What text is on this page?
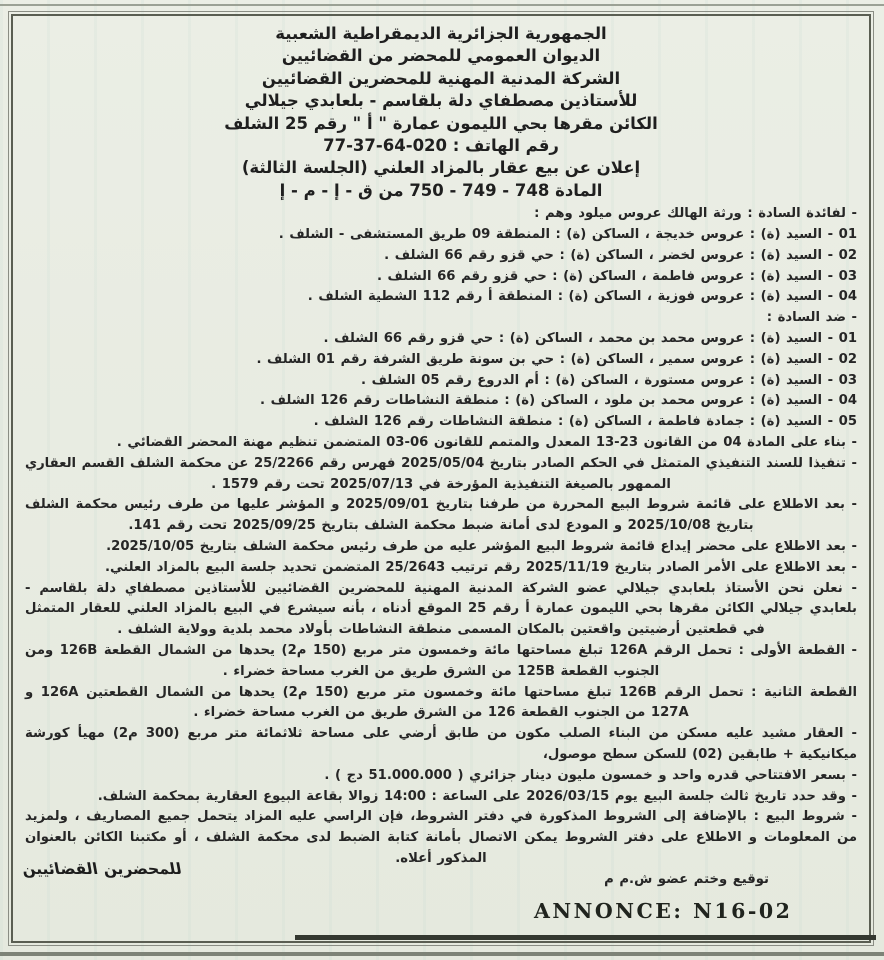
الجمهورية الجزائرية الديمقراطية الشعبية
الديوان العمومي للمحضر من القضائيين
الشركة المدنية المهنية للمحضرين القضائيين
للأستاذين مصطفاي دلة بلقاسم - بلعابدي جيلالي
الكائن مقرها بحي الليمون عمارة " أ " رقم 25 الشلف
رقم الهاتف : 020-64-37-77
إعلان عن بيع عقار بالمزاد العلني (الجلسة الثالثة)
المادة 748 - 749 - 750 من ق - إ - م - إ

- لفائدة السادة : ورثة الهالك عروس ميلود وهم :

01 - السيد (ة) : عروس خديجة ، الساكن (ة) : المنطقة 09 طريق المستشفى - الشلف .

02 - السيد (ة) : عروس لخضر ، الساكن (ة) : حي قزو رقم 66 الشلف .

03 - السيد (ة) : عروس فاطمة ، الساكن (ة) : حي قزو رقم 66 الشلف .

04 - السيد (ة) : عروس فوزية ، الساكن (ة) : المنطقة أ رقم 112 الشطية الشلف .

- ضد السادة :

01 - السيد (ة) : عروس محمد بن محمد ، الساكن (ة) : حي قزو رقم 66 الشلف .

02 - السيد (ة) : عروس سمير ، الساكن (ة) : حي بن سونة طريق الشرفة رقم 01 الشلف .

03 - السيد (ة) : عروس مستورة ، الساكن (ة) : أم الدروع رقم 05 الشلف .

04 - السيد (ة) : عروس محمد بن ملود ، الساكن (ة) : منطقة النشاطات رقم 126 الشلف .

05 - السيد (ة) : جمادة فاطمة ، الساكن (ة) : منطقة النشاطات رقم 126 الشلف .

- بناء على المادة 04 من القانون 23-13 المعدل والمتمم للقانون 06-03 المتضمن تنظيم مهنة المحضر القضائي .

- تنفيذا للسند التنفيذي المتمثل في الحكم الصادر بتاريخ 2025/05/04 فهرس رقم 25/2266 عن محكمة الشلف القسم العقاري الممهور بالصيغة التنفيذية المؤرخة في 2025/07/13 تحت رقم 1579 .

- بعد الاطلاع على قائمة شروط البيع المحررة من طرفنا بتاريخ 2025/09/01 و المؤشر عليها من طرف رئيس محكمة الشلف بتاريخ 2025/10/08 و المودع لدى أمانة ضبط محكمة الشلف بتاريخ 2025/09/25 تحت رقم 141.

- بعد الاطلاع على محضر إيداع قائمة شروط البيع المؤشر عليه من طرف رئيس محكمة الشلف بتاريخ 2025/10/05.

- بعد الاطلاع على الأمر الصادر بتاريخ 2025/11/19 رقم ترتيب 25/2643 المتضمن تحديد جلسة البيع بالمزاد العلني.

- نعلن نحن الأستاذ بلعابدي جيلالي عضو الشركة المدنية المهنية للمحضرين القضائيين للأستاذين مصطفاي دلة بلقاسم - بلعابدي جيلالي الكائن مقرها بحي الليمون عمارة أ رقم 25 الموقع أدناه ، بأنه سيشرع في البيع بالمزاد العلني للعقار المتمثل في قطعتين أرضيتين واقعتين بالمكان المسمى منطقة النشاطات بأولاد محمد بلدية وولاية الشلف .

- القطعة الأولى : تحمل الرقم 126A تبلغ مساحتها مائة وخمسون متر مربع (150 م2) يحدها من الشمال القطعة 126B ومن الجنوب القطعة 125B من الشرق طريق من الغرب مساحة خضراء .

القطعة الثانية : تحمل الرقم 126B تبلغ مساحتها مائة وخمسون متر مربع (150 م2) يحدها من الشمال القطعتين 126A و 127A من الجنوب القطعة 126 من الشرق طريق من الغرب مساحة خضراء .

- العقار مشيد عليه مسكن من البناء الصلب مكون من طابق أرضي على مساحة ثلاثمائة متر مربع (300 م2) مهيأ كورشة ميكانيكية + طابقين (02) للسكن سطح موصول،

- بسعر الافتتاحي قدره واحد و خمسون مليون دينار جزائري ( 51.000.000 دج ) .

- وقد حدد تاريخ ثالث جلسة البيع يوم 2026/03/15 على الساعة : 14:00 زوالا بقاعة البيوع العقارية بمحكمة الشلف.

- شروط البيع : بالإضافة إلى الشروط المذكورة في دفتر الشروط، فإن الراسي عليه المزاد يتحمل جميع المصاريف ، ولمزيد من المعلومات و الاطلاع على دفتر الشروط يمكن الاتصال بأمانة كتابة الضبط لدى محكمة الشلف ، أو مكتبنا الكائن بالعنوان المذكور أعلاه.

توقيع وختم عضو ش.م م

للمحضرين القضائيين
ANNONCE: N16-02
